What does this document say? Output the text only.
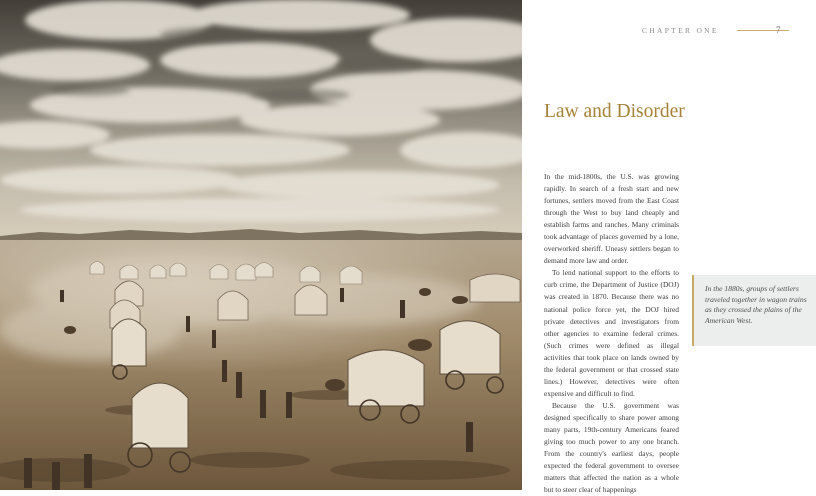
CHAPTER ONE	7
Law and Disorder

In the mid-1800s, the U.S. was growing rapidly. In search of a fresh start and new fortunes, settlers moved from the East Coast through the West to buy land cheaply and establish farms and ranches. Many criminals took advantage of places governed by a lone, overworked sheriff. Uneasy settlers began to demand more law and order.

To lend national support to the efforts to curb crime, the Department of Justice (DOJ) was created in 1870. Because there was no national police force yet, the DOJ hired private detectives and investigators from other agencies to examine federal crimes. (Such crimes were defined as illegal activities that took place on lands owned by the federal government or that crossed state lines.) However, detectives were often expensive and difficult to find.

Because the U.S. government was designed specifically to share power among many parts, 19th-century Americans feared giving too much power to any one branch. From the country's earliest days, people expected the federal government to oversee matters that affected the nation as a whole but to steer clear of happenings

In the 1880s, groups of settlers traveled together in wagon trains as they crossed the plains of the American West.
